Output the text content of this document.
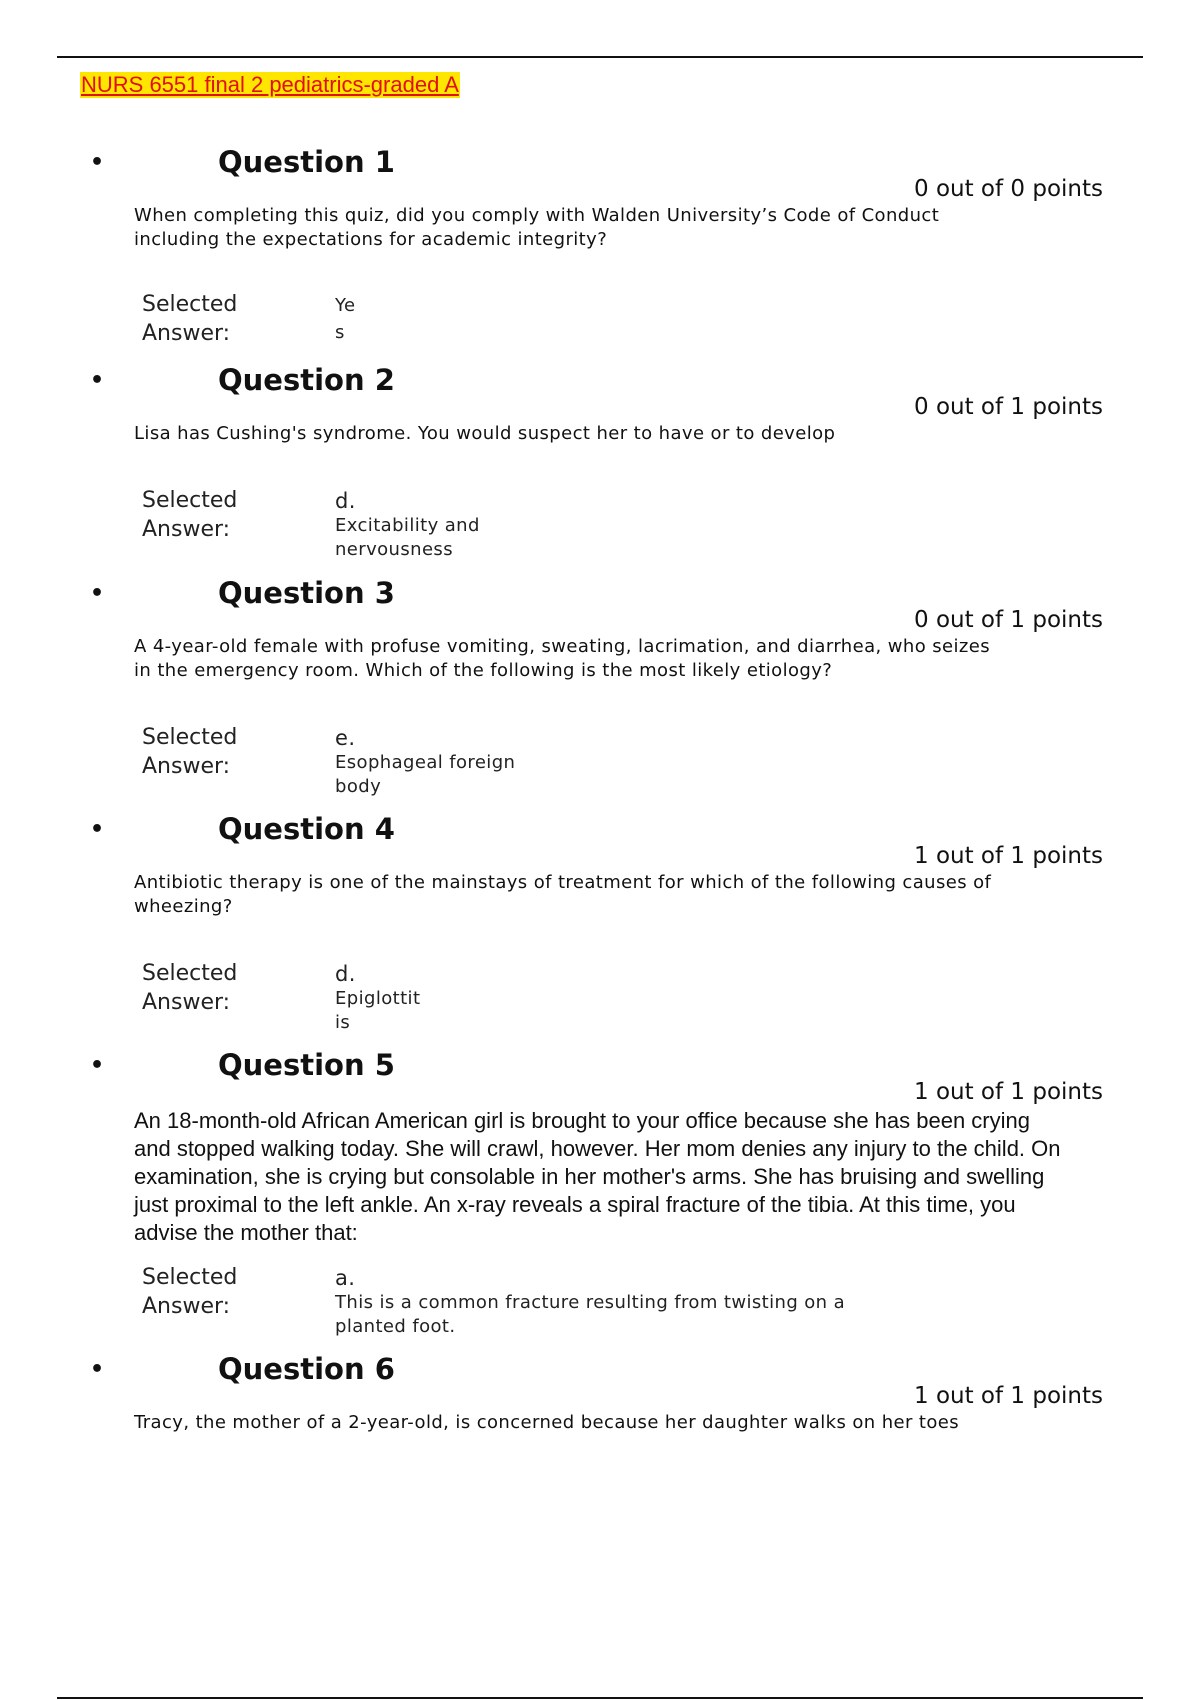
NURS 6551 final 2 pediatrics-graded A
•	Question 1
0 out of 0 points
When completing this quiz, did you comply with Walden University’s Code of Conduct including the expectations for academic integrity?
Selected
Answer:
Ye
s
•	Question 2
0 out of 1 points
Lisa has Cushing's syndrome. You would suspect her to have or to develop
Selected
Answer:
d.
Excitability and
nervousness
•	Question 3
0 out of 1 points
A 4-year-old female with profuse vomiting, sweating, lacrimation, and diarrhea, who seizes in the emergency room. Which of the following is the most likely etiology?
Selected
Answer:
e.
Esophageal foreign
body
•	Question 4
1 out of 1 points
Antibiotic therapy is one of the mainstays of treatment for which of the following causes of wheezing?
Selected
Answer:
d.
Epiglottit
is
•	Question 5
1 out of 1 points
An 18-month-old African American girl is brought to your office because she has been crying and stopped walking today. She will crawl, however. Her mom denies any injury to the child. On examination, she is crying but consolable in her mother's arms. She has bruising and swelling just proximal to the left ankle. An x-ray reveals a spiral fracture of the tibia. At this time, you advise the mother that:
Selected
Answer:
a.
This is a common fracture resulting from twisting on a
planted foot.
•	Question 6
1 out of 1 points
Tracy, the mother of a 2-year-old, is concerned because her daughter walks on her toes
